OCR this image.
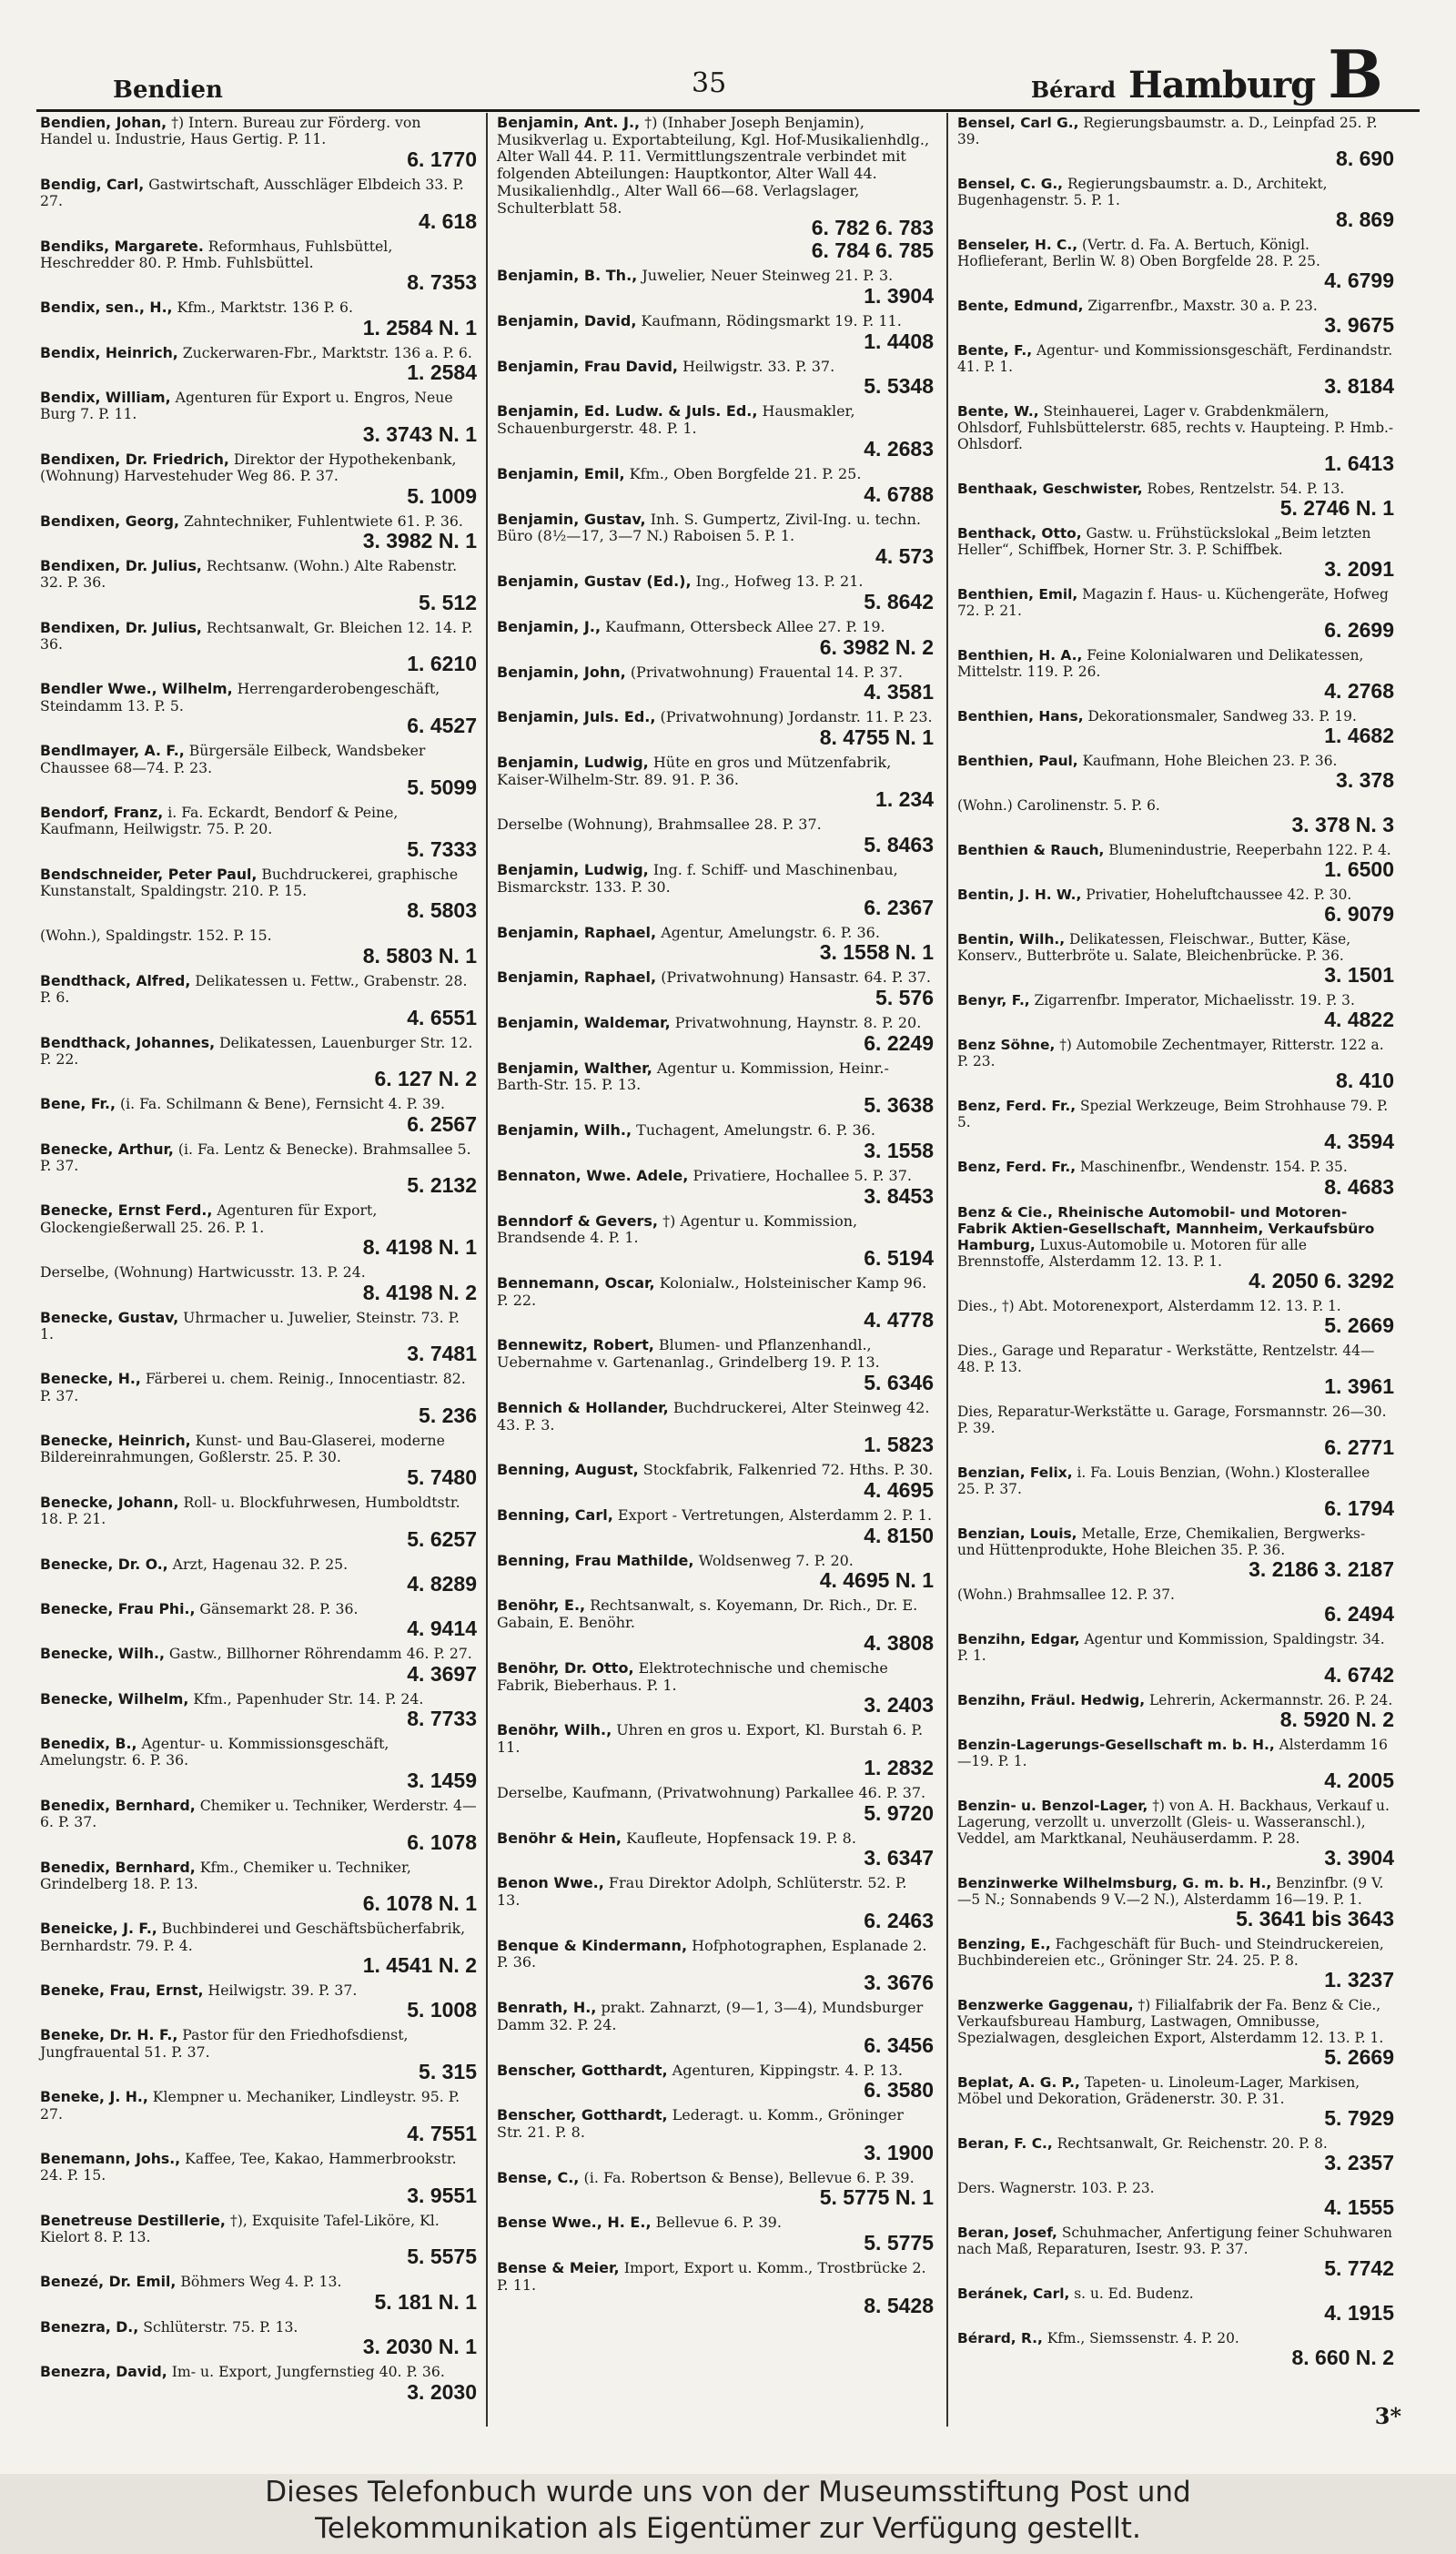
Bendien	35	Bérard Hamburg B
Bendien, Johan, †) Intern. Bureau zur Förderg. von Handel u. Industrie, Haus Gertig. P. 11.
6. 1770
Bendig, Carl, Gastwirtschaft, Ausschläger Elbdeich 33. P. 27.
4. 618
Bendiks, Margarete. Reformhaus, Fuhlsbüttel, Heschredder 80. P. Hmb. Fuhlsbüttel.
8. 7353
Bendix, sen., H., Kfm., Marktstr. 136 P. 6.
1. 2584 N. 1
Bendix, Heinrich, Zuckerwaren-Fbr., Marktstr. 136 a. P. 6.
1. 2584
Bendix, William, Agenturen für Export u. Engros, Neue Burg 7. P. 11.
3. 3743 N. 1
Bendixen, Dr. Friedrich, Direktor der Hypothekenbank, (Wohnung) Harvestehuder Weg 86. P. 37.
5. 1009
Bendixen, Georg, Zahntechniker, Fuhlentwiete 61. P. 36.
3. 3982 N. 1
Bendixen, Dr. Julius, Rechtsanw. (Wohn.) Alte Rabenstr. 32. P. 36.
5. 512
Bendixen, Dr. Julius, Rechtsanwalt, Gr. Bleichen 12. 14. P. 36.
1. 6210
Bendler Wwe., Wilhelm, Herrengarderobengeschäft, Steindamm 13. P. 5.
6. 4527
Bendlmayer, A. F., Bürgersäle Eilbeck, Wandsbeker Chaussee 68—74. P. 23.
5. 5099
Bendorf, Franz, i. Fa. Eckardt, Bendorf & Peine, Kaufmann, Heilwigstr. 75. P. 20.
5. 7333
Bendschneider, Peter Paul, Buchdruckerei, graphische Kunstanstalt, Spaldingstr. 210. P. 15.
8. 5803
(Wohn.), Spaldingstr. 152. P. 15.
8. 5803 N. 1
Bendthack, Alfred, Delikatessen u. Fettw., Grabenstr. 28. P. 6.
4. 6551
Bendthack, Johannes, Delikatessen, Lauenburger Str. 12. P. 22.
6. 127 N. 2
Bene, Fr., (i. Fa. Schilmann & Bene), Fernsicht 4. P. 39.
6. 2567
Benecke, Arthur, (i. Fa. Lentz & Benecke). Brahmsallee 5. P. 37.
5. 2132
Benecke, Ernst Ferd., Agenturen für Export, Glockengießerwall 25. 26. P. 1.
8. 4198 N. 1
Derselbe, (Wohnung) Hartwicusstr. 13. P. 24.
8. 4198 N. 2
Benecke, Gustav, Uhrmacher u. Juwelier, Steinstr. 73. P. 1.
3. 7481
Benecke, H., Färberei u. chem. Reinig., Innocentiastr. 82. P. 37.
5. 236
Benecke, Heinrich, Kunst- und Bau-Glaserei, moderne Bildereinrahmungen, Goßlerstr. 25. P. 30.
5. 7480
Benecke, Johann, Roll- u. Blockfuhrwesen, Humboldtstr. 18. P. 21.
5. 6257
Benecke, Dr. O., Arzt, Hagenau 32. P. 25.
4. 8289
Benecke, Frau Phi., Gänsemarkt 28. P. 36.
4. 9414
Benecke, Wilh., Gastw., Billhorner Röhrendamm 46. P. 27.
4. 3697
Benecke, Wilhelm, Kfm., Papenhuder Str. 14. P. 24.
8. 7733
Benedix, B., Agentur- u. Kommissionsgeschäft, Amelungstr. 6. P. 36.
3. 1459
Benedix, Bernhard, Chemiker u. Techniker, Werderstr. 4—6. P. 37.
6. 1078
Benedix, Bernhard, Kfm., Chemiker u. Techniker, Grindelberg 18. P. 13.
6. 1078 N. 1
Beneicke, J. F., Buchbinderei und Geschäftsbücherfabrik, Bernhardstr. 79. P. 4.
1. 4541 N. 2
Beneke, Frau, Ernst, Heilwigstr. 39. P. 37.
5. 1008
Beneke, Dr. H. F., Pastor für den Friedhofsdienst, Jungfrauental 51. P. 37.
5. 315
Beneke, J. H., Klempner u. Mechaniker, Lindleystr. 95. P. 27.
4. 7551
Benemann, Johs., Kaffee, Tee, Kakao, Hammerbrookstr. 24. P. 15.
3. 9551
Benetreuse Destillerie, †), Exquisite Tafel-Liköre, Kl. Kielort 8. P. 13.
5. 5575
Benezé, Dr. Emil, Böhmers Weg 4. P. 13.
5. 181 N. 1
Benezra, D., Schlüterstr. 75. P. 13.
3. 2030 N. 1
Benezra, David, Im- u. Export, Jungfernstieg 40. P. 36.
3. 2030
Benjamin, Ant. J., †) (Inhaber Joseph Benjamin), Musikverlag u. Exportabteilung, Kgl. Hof-Musikalienhdlg., Alter Wall 44. P. 11. Vermittlungszentrale verbindet mit folgenden Abteilungen: Hauptkontor, Alter Wall 44. Musikalienhdlg., Alter Wall 66—68. Verlagslager, Schulterblatt 58.
6. 782 6. 783
6. 784 6. 785
Benjamin, B. Th., Juwelier, Neuer Steinweg 21. P. 3.
1. 3904
Benjamin, David, Kaufmann, Rödingsmarkt 19. P. 11.
1. 4408
Benjamin, Frau David, Heilwigstr. 33. P. 37.
5. 5348
Benjamin, Ed. Ludw. & Juls. Ed., Hausmakler, Schauenburgerstr. 48. P. 1.
4. 2683
Benjamin, Emil, Kfm., Oben Borgfelde 21. P. 25.
4. 6788
Benjamin, Gustav, Inh. S. Gumpertz, Zivil-Ing. u. techn. Büro (8½—17, 3—7 N.) Raboisen 5. P. 1.
4. 573
Benjamin, Gustav (Ed.), Ing., Hofweg 13. P. 21.
5. 8642
Benjamin, J., Kaufmann, Ottersbeck Allee 27. P. 19.
6. 3982 N. 2
Benjamin, John, (Privatwohnung) Frauental 14. P. 37.
4. 3581
Benjamin, Juls. Ed., (Privatwohnung) Jordanstr. 11. P. 23.
8. 4755 N. 1
Benjamin, Ludwig, Hüte en gros und Mützenfabrik, Kaiser-Wilhelm-Str. 89. 91. P. 36.
1. 234
Derselbe (Wohnung), Brahmsallee 28. P. 37.
5. 8463
Benjamin, Ludwig, Ing. f. Schiff- und Maschinenbau, Bismarckstr. 133. P. 30.
6. 2367
Benjamin, Raphael, Agentur, Amelungstr. 6. P. 36.
3. 1558 N. 1
Benjamin, Raphael, (Privatwohnung) Hansastr. 64. P. 37.
5. 576
Benjamin, Waldemar, Privatwohnung, Haynstr. 8. P. 20.
6. 2249
Benjamin, Walther, Agentur u. Kommission, Heinr.-Barth-Str. 15. P. 13.
5. 3638
Benjamin, Wilh., Tuchagent, Amelungstr. 6. P. 36.
3. 1558
Bennaton, Wwe. Adele, Privatiere, Hochallee 5. P. 37.
3. 8453
Benndorf & Gevers, †) Agentur u. Kommission, Brandsende 4. P. 1.
6. 5194
Bennemann, Oscar, Kolonialw., Holsteinischer Kamp 96. P. 22.
4. 4778
Bennewitz, Robert, Blumen- und Pflanzenhandl., Uebernahme v. Gartenanlag., Grindelberg 19. P. 13.
5. 6346
Bennich & Hollander, Buchdruckerei, Alter Steinweg 42. 43. P. 3.
1. 5823
Benning, August, Stockfabrik, Falkenried 72. Hths. P. 30.
4. 4695
Benning, Carl, Export - Vertretungen, Alsterdamm 2. P. 1.
4. 8150
Benning, Frau Mathilde, Woldsenweg 7. P. 20.
4. 4695 N. 1
Benöhr, E., Rechtsanwalt, s. Koyemann, Dr. Rich., Dr. E. Gabain, E. Benöhr.
4. 3808
Benöhr, Dr. Otto, Elektrotechnische und chemische Fabrik, Bieberhaus. P. 1.
3. 2403
Benöhr, Wilh., Uhren en gros u. Export, Kl. Burstah 6. P. 11.
1. 2832
Derselbe, Kaufmann, (Privatwohnung) Parkallee 46. P. 37.
5. 9720
Benöhr & Hein, Kaufleute, Hopfensack 19. P. 8.
3. 6347
Benon Wwe., Frau Direktor Adolph, Schlüterstr. 52. P. 13.
6. 2463
Benque & Kindermann, Hofphotographen, Esplanade 2. P. 36.
3. 3676
Benrath, H., prakt. Zahnarzt, (9—1, 3—4), Mundsburger Damm 32. P. 24.
6. 3456
Benscher, Gotthardt, Agenturen, Kippingstr. 4. P. 13.
6. 3580
Benscher, Gotthardt, Lederagt. u. Komm., Gröninger Str. 21. P. 8.
3. 1900
Bense, C., (i. Fa. Robertson & Bense), Bellevue 6. P. 39.
5. 5775 N. 1
Bense Wwe., H. E., Bellevue 6. P. 39.
5. 5775
Bense & Meier, Import, Export u. Komm., Trostbrücke 2. P. 11.
8. 5428
Bensel, Carl G., Regierungsbaumstr. a. D., Leinpfad 25. P. 39.
8. 690
Bensel, C. G., Regierungsbaumstr. a. D., Architekt, Bugenhagenstr. 5. P. 1.
8. 869
Benseler, H. C., (Vertr. d. Fa. A. Bertuch, Königl. Hoflieferant, Berlin W. 8) Oben Borgfelde 28. P. 25.
4. 6799
Bente, Edmund, Zigarrenfbr., Maxstr. 30 a. P. 23.
3. 9675
Bente, F., Agentur- und Kommissionsgeschäft, Ferdinandstr. 41. P. 1.
3. 8184
Bente, W., Steinhauerei, Lager v. Grabdenkmälern, Ohlsdorf, Fuhlsbüttelerstr. 685, rechts v. Haupteing. P. Hmb.-Ohlsdorf.
1. 6413
Benthaak, Geschwister, Robes, Rentzelstr. 54. P. 13.
5. 2746 N. 1
Benthack, Otto, Gastw. u. Frühstückslokal „Beim letzten Heller“, Schiffbek, Horner Str. 3. P. Schiffbek.
3. 2091
Benthien, Emil, Magazin f. Haus- u. Küchengeräte, Hofweg 72. P. 21.
6. 2699
Benthien, H. A., Feine Kolonialwaren und Delikatessen, Mittelstr. 119. P. 26.
4. 2768
Benthien, Hans, Dekorationsmaler, Sandweg 33. P. 19.
1. 4682
Benthien, Paul, Kaufmann, Hohe Bleichen 23. P. 36.
3. 378
(Wohn.) Carolinenstr. 5. P. 6.
3. 378 N. 3
Benthien & Rauch, Blumenindustrie, Reeperbahn 122. P. 4.
1. 6500
Bentin, J. H. W., Privatier, Hoheluftchaussee 42. P. 30.
6. 9079
Bentin, Wilh., Delikatessen, Fleischwar., Butter, Käse, Konserv., Butterbröte u. Salate, Bleichenbrücke. P. 36.
3. 1501
Benyr, F., Zigarrenfbr. Imperator, Michaelisstr. 19. P. 3.
4. 4822
Benz Söhne, †) Automobile Zechentmayer, Ritterstr. 122 a. P. 23.
8. 410
Benz, Ferd. Fr., Spezial Werkzeuge, Beim Strohhause 79. P. 5.
4. 3594
Benz, Ferd. Fr., Maschinenfbr., Wendenstr. 154. P. 35.
8. 4683
Benz & Cie., Rheinische Automobil- und Motoren-Fabrik Aktien-Gesellschaft, Mannheim, Verkaufsbüro Hamburg, Luxus-Automobile u. Motoren für alle Brennstoffe, Alsterdamm 12. 13. P. 1.
4. 2050 6. 3292
Dies., †) Abt. Motorenexport, Alsterdamm 12. 13. P. 1.
5. 2669
Dies., Garage und Reparatur - Werkstätte, Rentzelstr. 44—48. P. 13.
1. 3961
Dies, Reparatur-Werkstätte u. Garage, Forsmannstr. 26—30. P. 39.
6. 2771
Benzian, Felix, i. Fa. Louis Benzian, (Wohn.) Klosterallee 25. P. 37.
6. 1794
Benzian, Louis, Metalle, Erze, Chemikalien, Bergwerks- und Hüttenprodukte, Hohe Bleichen 35. P. 36.
3. 2186 3. 2187
(Wohn.) Brahmsallee 12. P. 37.
6. 2494
Benzihn, Edgar, Agentur und Kommission, Spaldingstr. 34. P. 1.
4. 6742
Benzihn, Fräul. Hedwig, Lehrerin, Ackermannstr. 26. P. 24.
8. 5920 N. 2
Benzin-Lagerungs-Gesellschaft m. b. H., Alsterdamm 16—19. P. 1.
4. 2005
Benzin- u. Benzol-Lager, †) von A. H. Backhaus, Verkauf u. Lagerung, verzollt u. unverzollt (Gleis- u. Wasseranschl.), Veddel, am Marktkanal, Neuhäuserdamm. P. 28.
3. 3904
Benzinwerke Wilhelmsburg, G. m. b. H., Benzinfbr. (9 V.—5 N.; Sonnabends 9 V.—2 N.), Alsterdamm 16—19. P. 1.
5. 3641 bis 3643
Benzing, E., Fachgeschäft für Buch- und Steindruckereien, Buchbindereien etc., Gröninger Str. 24. 25. P. 8.
1. 3237
Benzwerke Gaggenau, †) Filialfabrik der Fa. Benz & Cie., Verkaufsbureau Hamburg, Lastwagen, Omnibusse, Spezialwagen, desgleichen Export, Alsterdamm 12. 13. P. 1.
5. 2669
Beplat, A. G. P., Tapeten- u. Linoleum-Lager, Markisen, Möbel und Dekoration, Grädenerstr. 30. P. 31.
5. 7929
Beran, F. C., Rechtsanwalt, Gr. Reichenstr. 20. P. 8.
3. 2357
Ders. Wagnerstr. 103. P. 23.
4. 1555
Beran, Josef, Schuhmacher, Anfertigung feiner Schuhwaren nach Maß, Reparaturen, Isestr. 93. P. 37.
5. 7742
Beránek, Carl, s. u. Ed. Budenz.
4. 1915
Bérard, R., Kfm., Siemssenstr. 4. P. 20.
8. 660 N. 2
3*
Dieses Telefonbuch wurde uns von der Museumsstiftung Post und
Telekommunikation als Eigentümer zur Verfügung gestellt.
